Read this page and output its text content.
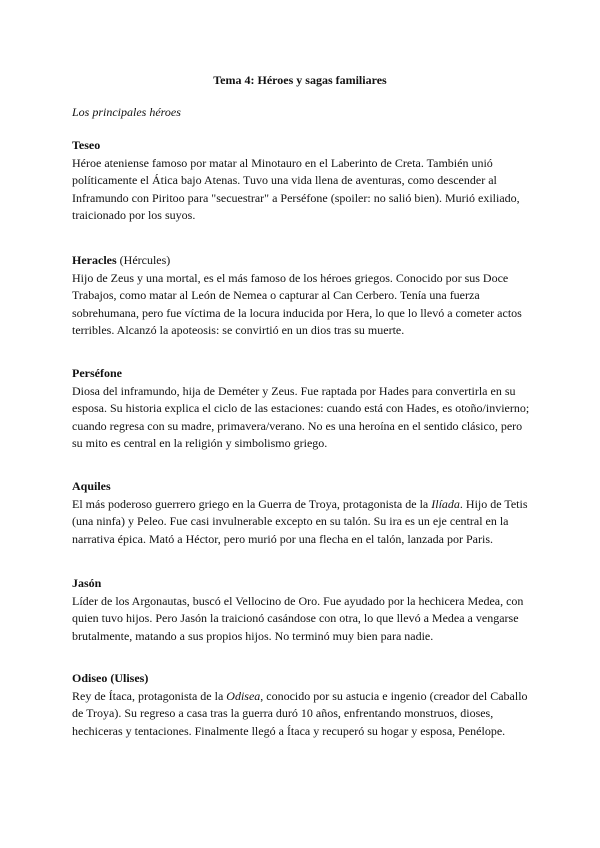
Tema 4: Héroes y sagas familiares

Los principales héroes

Teseo

Héroe ateniense famoso por matar al Minotauro en el Laberinto de Creta. También unió políticamente el Ática bajo Atenas. Tuvo una vida llena de aventuras, como descender al Inframundo con Piritoo para "secuestrar" a Perséfone (spoiler: no salió bien). Murió exiliado, traicionado por los suyos.

Heracles (Hércules)

Hijo de Zeus y una mortal, es el más famoso de los héroes griegos. Conocido por sus Doce Trabajos, como matar al León de Nemea o capturar al Can Cerbero. Tenía una fuerza sobrehumana, pero fue víctima de la locura inducida por Hera, lo que lo llevó a cometer actos terribles. Alcanzó la apoteosis: se convirtió en un dios tras su muerte.

Perséfone

Diosa del inframundo, hija de Deméter y Zeus. Fue raptada por Hades para convertirla en su esposa. Su historia explica el ciclo de las estaciones: cuando está con Hades, es otoño/invierno; cuando regresa con su madre, primavera/verano. No es una heroína en el sentido clásico, pero su mito es central en la religión y simbolismo griego.

Aquiles

El más poderoso guerrero griego en la Guerra de Troya, protagonista de la Ilíada. Hijo de Tetis (una ninfa) y Peleo. Fue casi invulnerable excepto en su talón. Su ira es un eje central en la narrativa épica. Mató a Héctor, pero murió por una flecha en el talón, lanzada por Paris.

Jasón

Líder de los Argonautas, buscó el Vellocino de Oro. Fue ayudado por la hechicera Medea, con quien tuvo hijos. Pero Jasón la traicionó casándose con otra, lo que llevó a Medea a vengarse brutalmente, matando a sus propios hijos. No terminó muy bien para nadie.

Odiseo (Ulises)

Rey de Ítaca, protagonista de la Odisea, conocido por su astucia e ingenio (creador del Caballo de Troya). Su regreso a casa tras la guerra duró 10 años, enfrentando monstruos, dioses, hechiceras y tentaciones. Finalmente llegó a Ítaca y recuperó su hogar y esposa, Penélope.
